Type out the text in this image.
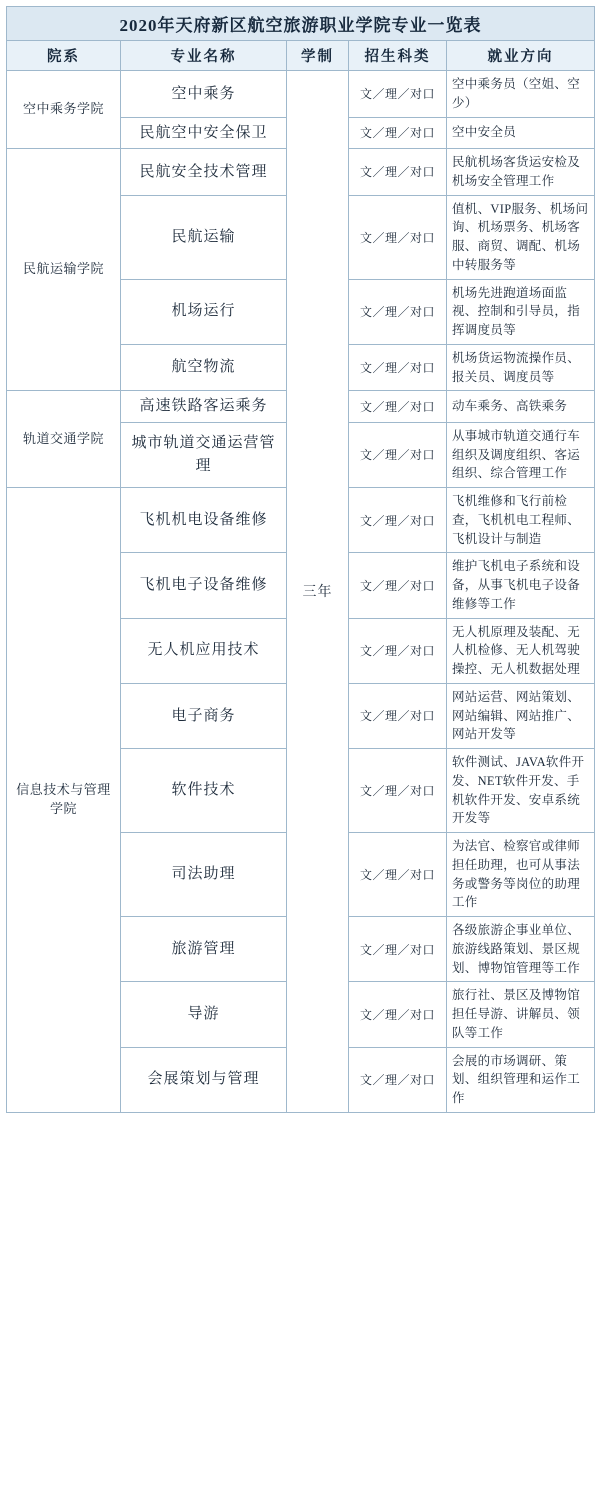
2020年天府新区航空旅游职业学院专业一览表				
院系	专业名称	学制	招生科类	就业方向
空中乘务学院	空中乘务	三年	文／理／对口	空中乘务员（空姐、空少）
	民航空中安全保卫		文／理／对口	空中安全员
民航运输学院	民航安全技术管理		文／理／对口	民航机场客货运安检及机场安全管理工作
	民航运输		文／理／对口	值机、VIP服务、机场问询、机场票务、机场客服、商贸、调配、机场中转服务等
	机场运行		文／理／对口	机场先进跑道场面监视、控制和引导员，指挥调度员等
	航空物流		文／理／对口	机场货运物流操作员、报关员、调度员等
轨道交通学院	高速铁路客运乘务		文／理／对口	动车乘务、高铁乘务
	城市轨道交通运营管理		文／理／对口	从事城市轨道交通行车组织及调度组织、客运组织、综合管理工作
信息技术与管理学院	飞机机电设备维修		文／理／对口	飞机维修和飞行前检查，飞机机电工程师、飞机设计与制造
	飞机电子设备维修		文／理／对口	维护飞机电子系统和设备，从事飞机电子设备维修等工作
	无人机应用技术		文／理／对口	无人机原理及装配、无人机检修、无人机驾驶操控、无人机数据处理
	电子商务		文／理／对口	网站运营、网站策划、网站编辑、网站推广、网站开发等
	软件技术		文／理／对口	软件测试、JAVA软件开发、NET软件开发、手机软件开发、安卓系统开发等
	司法助理		文／理／对口	为法官、检察官或律师担任助理，也可从事法务或警务等岗位的助理工作
	旅游管理		文／理／对口	各级旅游企事业单位、旅游线路策划、景区规划、博物馆管理等工作
	导游		文／理／对口	旅行社、景区及博物馆担任导游、讲解员、领队等工作
	会展策划与管理		文／理／对口	会展的市场调研、策划、组织管理和运作工作
